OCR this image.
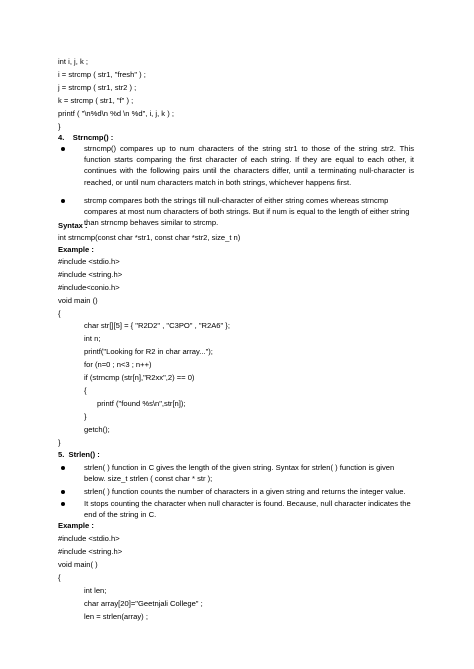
int i, j, k ;
i = strcmp ( str1, "fresh" ) ;
j = strcmp ( str1, str2 ) ;
k = strcmp ( str1, "f" ) ;
printf ( "\n%d\n %d \n %d", i, j, k ) ;
}
4.    Strncmp() :
strncmp() compares up to num characters of the string str1 to those of the string str2. This function starts comparing the first character of each string. If they are equal to each other, it continues with the following pairs until the characters differ, until a terminating null-character is reached, or until num characters match in both strings, whichever happens first.
strcmp compares both the strings till null-character of either string comes whereas strncmp compares at most num characters of both strings. But if num is equal to the length of either string than strncmp behaves similar to strcmp.
Syntax :
int strncmp(const char *str1, const char *str2, size_t n)
Example :
#include <stdio.h>
#include <string.h>
#include<conio.h>
void main ()
{
char str[][5] = { "R2D2" , "C3PO" , "R2A6" };
int n;
printf("Looking for R2 in char array...");
for (n=0 ; n<3 ; n++)
if (strncmp (str[n],"R2xx",2) == 0)
{
printf ("found %s\n",str[n]);
}
getch();
}
5.  Strlen() :
strlen( ) function in C gives the length of the given string. Syntax for strlen( ) function is given below. size_t strlen ( const char * str );
strlen( ) function counts the number of characters in a given string and returns the integer value.
It stops counting the character when null character is found. Because, null character indicates the end of the string in C.
Example :
#include <stdio.h>
#include <string.h>
void main( )
{
int len;
char array[20]="Geetnjali College" ;
len = strlen(array) ;
